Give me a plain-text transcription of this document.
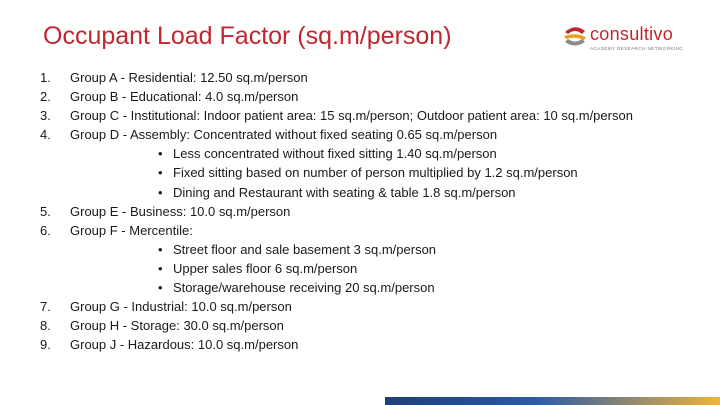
Occupant Load Factor (sq.m/person)	consultivo
ACADEMY RESEARCH NETWORKING
1.	Group A - Residential: 12.50 sq.m/person
2.	Group B - Educational: 4.0 sq.m/person
3.	Group C - Institutional: Indoor patient area: 15 sq.m/person; Outdoor patient area: 10 sq.m/person
4.	Group D - Assembly: Concentrated without fixed seating 0.65 sq.m/person
• Less concentrated without fixed sitting 1.40 sq.m/person
• Fixed sitting based on number of person multiplied by 1.2 sq.m/person
• Dining and Restaurant with seating & table 1.8 sq.m/person
5.	Group E - Business: 10.0 sq.m/person
6.	Group F - Mercentile:
• Street floor and sale basement 3 sq.m/person
• Upper sales floor 6 sq.m/person
• Storage/warehouse receiving 20 sq.m/person
7.	Group G - Industrial: 10.0 sq.m/person
8.	Group H - Storage: 30.0 sq.m/person
9.	Group J - Hazardous: 10.0 sq.m/person
